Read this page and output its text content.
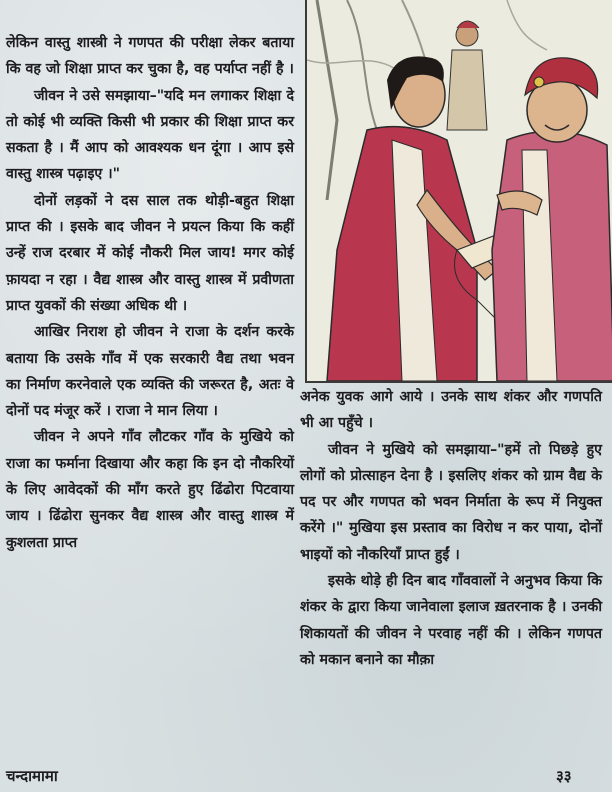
लेकिन वास्तु शास्त्री ने गणपत की परीक्षा लेकर बताया कि वह जो शिक्षा प्राप्त कर चुका है, वह पर्याप्त नहीं है ।

जीवन ने उसे समझाया–"यदि मन लगाकर शिक्षा दे तो कोई भी व्यक्ति किसी भी प्रकार की शिक्षा प्राप्त कर सकता है । मैं आप को आवश्यक धन दूंगा । आप इसे वास्तु शास्त्र पढ़ाइए ।"

दोनों लड़कों ने दस साल तक थोड़ी-बहुत शिक्षा प्राप्त की । इसके बाद जीवन ने प्रयत्न किया कि कहीं उन्हें राज दरबार में कोई नौकरी मिल जाय! मगर कोई फ़ायदा न रहा । वैद्य शास्त्र और वास्तु शास्त्र में प्रवीणता प्राप्त युवकों की संख्या अधिक थी ।

आखिर निराश हो जीवन ने राजा के दर्शन करके बताया कि उसके गाँव में एक सरकारी वैद्य तथा भवन का निर्माण करनेवाले एक व्यक्ति की जरूरत है, अतः वे दोनों पद मंजूर करें । राजा ने मान लिया ।

जीवन ने अपने गाँव लौटकर गाँव के मुखिये को राजा का फर्माना दिखाया और कहा कि इन दो नौकरियों के लिए आवेदकों की माँग करते हुए ढिंढोरा पिटवाया जाय । ढिंढोरा सुनकर वैद्य शास्त्र और वास्तु शास्त्र में कुशलता प्राप्त

अनेक युवक आगे आये । उनके साथ शंकर और गणपति भी आ पहुँचे ।

जीवन ने मुखिये को समझाया–"हमें तो पिछड़े हुए लोगों को प्रोत्साहन देना है । इसलिए शंकर को ग्राम वैद्य के पद पर और गणपत को भवन निर्माता के रूप में नियुक्त करेंगे ।" मुखिया इस प्रस्ताव का विरोध न कर पाया, दोनों भाइयों को नौकरियाँ प्राप्त हुईं ।

इसके थोड़े ही दिन बाद गाँववालों ने अनुभव किया कि शंकर के द्वारा किया जानेवाला इलाज ख़तरनाक है । उनकी शिकायतों की जीवन ने परवाह नहीं की । लेकिन गणपत को मकान बनाने का मौक़ा

चन्दामामा	३३
